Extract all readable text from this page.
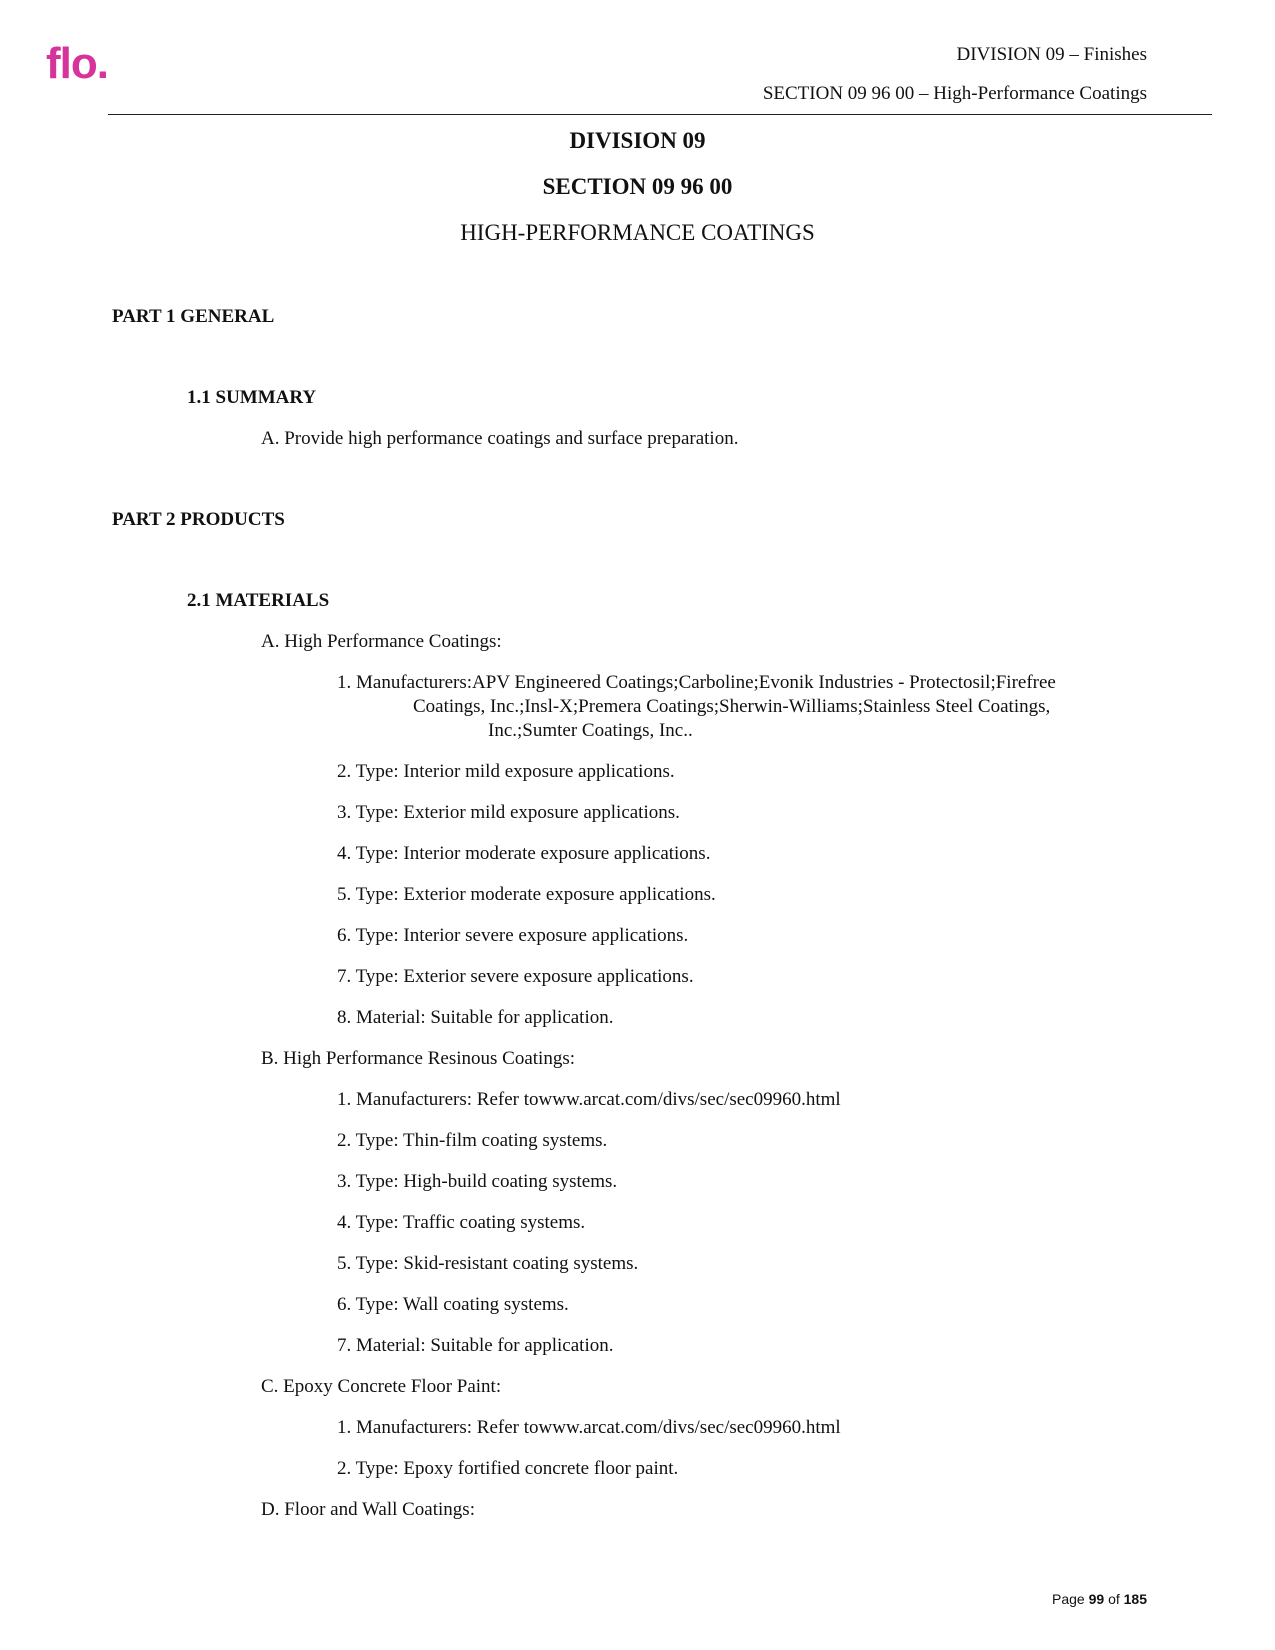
flo.	DIVISION 09 – Finishes
SECTION 09 96 00 – High-Performance Coatings
DIVISION 09
SECTION 09 96 00
HIGH-PERFORMANCE COATINGS
PART 1 GENERAL
1.1 SUMMARY
A. Provide high performance coatings and surface preparation.
PART 2 PRODUCTS
2.1 MATERIALS
A. High Performance Coatings:
1. Manufacturers:APV Engineered Coatings;Carboline;Evonik Industries - Protectosil;Firefree
Coatings, Inc.;Insl-X;Premera Coatings;Sherwin-Williams;Stainless Steel Coatings,
Inc.;Sumter Coatings, Inc..
2. Type: Interior mild exposure applications.
3. Type: Exterior mild exposure applications.
4. Type: Interior moderate exposure applications.
5. Type: Exterior moderate exposure applications.
6. Type: Interior severe exposure applications.
7. Type: Exterior severe exposure applications.
8. Material: Suitable for application.
B. High Performance Resinous Coatings:
1. Manufacturers: Refer towww.arcat.com/divs/sec/sec09960.html
2. Type: Thin-film coating systems.
3. Type: High-build coating systems.
4. Type: Traffic coating systems.
5. Type: Skid-resistant coating systems.
6. Type: Wall coating systems.
7. Material: Suitable for application.
C. Epoxy Concrete Floor Paint:
1. Manufacturers: Refer towww.arcat.com/divs/sec/sec09960.html
2. Type: Epoxy fortified concrete floor paint.
D. Floor and Wall Coatings:
Page 99 of 185
